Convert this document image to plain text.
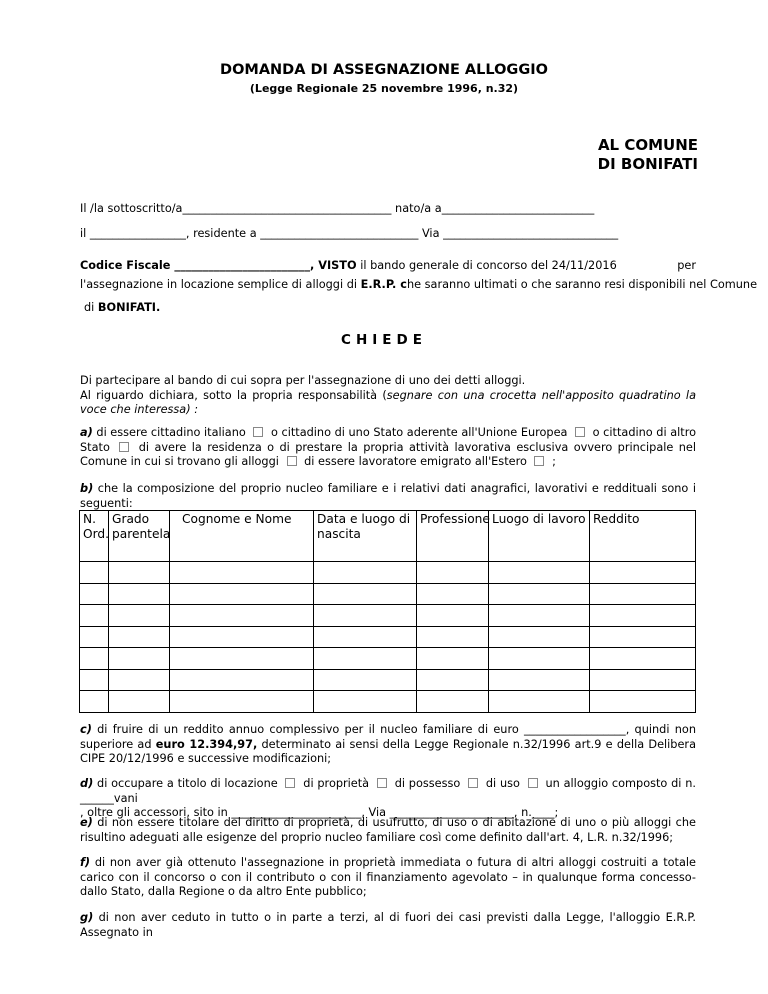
DOMANDA DI ASSEGNAZIONE ALLOGGIO
(Legge Regionale 25 novembre 1996, n.32)
AL COMUNE
DI BONIFATI
Il /la sottoscritto/a_____________________________________ nato/a a___________________________
il _________________, residente a ____________________________ Via _______________________________
Codice Fiscale ________________________, VISTO il bando generale di concorso del 24/11/2016	per
l'assegnazione in locazione semplice di alloggi di E.R.P. che saranno ultimati o che saranno resi disponibili nel Comune
di BONIFATI.
CHIEDE
Di partecipare al bando di cui sopra per l'assegnazione di uno dei detti alloggi.
Al riguardo dichiara, sotto la propria responsabilità (segnare con una crocetta nell'apposito quadratino la voce che interessa) :
a) di essere cittadino italiano  o cittadino di uno Stato aderente all'Unione Europea  o cittadino di altro Stato  di avere la residenza o di prestare la propria attività lavorativa esclusiva ovvero principale nel Comune in cui si trovano gli alloggi  di essere lavoratore emigrato all'Estero  ;
b) che la composizione del proprio nucleo familiare e i relativi dati anagrafici, lavorativi e reddituali sono i seguenti:
N. Ord.	Grado parentela	Cognome e Nome	Data e luogo di nascita	Professione	Luogo di lavoro	Reddito

c) di fruire di un reddito annuo complessivo per il nucleo familiare di euro __________________, quindi non superiore ad euro 12.394,97, determinato ai sensi della Legge Regionale n.32/1996 art.9 e della Delibera CIPE 20/12/1996 e successive modificazioni;
d) di occupare a titolo di locazione  di proprietà  di possesso  di uso  un alloggio composto di n. ______vani
, oltre gli accessori, sito in _______________________, Via ______________________, n.____;
e) di non essere titolare del diritto di proprietà, di usufrutto, di uso o di abitazione di uno o più alloggi che risultino adeguati alle esigenze del proprio nucleo familiare così come definito dall'art. 4, L.R. n.32/1996;
f) di non aver già ottenuto l'assegnazione in proprietà immediata o futura di altri alloggi costruiti a totale carico con il concorso o con il contributo o con il finanziamento agevolato – in qualunque forma concesso- dallo Stato, dalla Regione o da altro Ente pubblico;
g) di non aver ceduto in tutto o in parte a terzi, al di fuori dei casi previsti dalla Legge, l'alloggio E.R.P. Assegnato in
